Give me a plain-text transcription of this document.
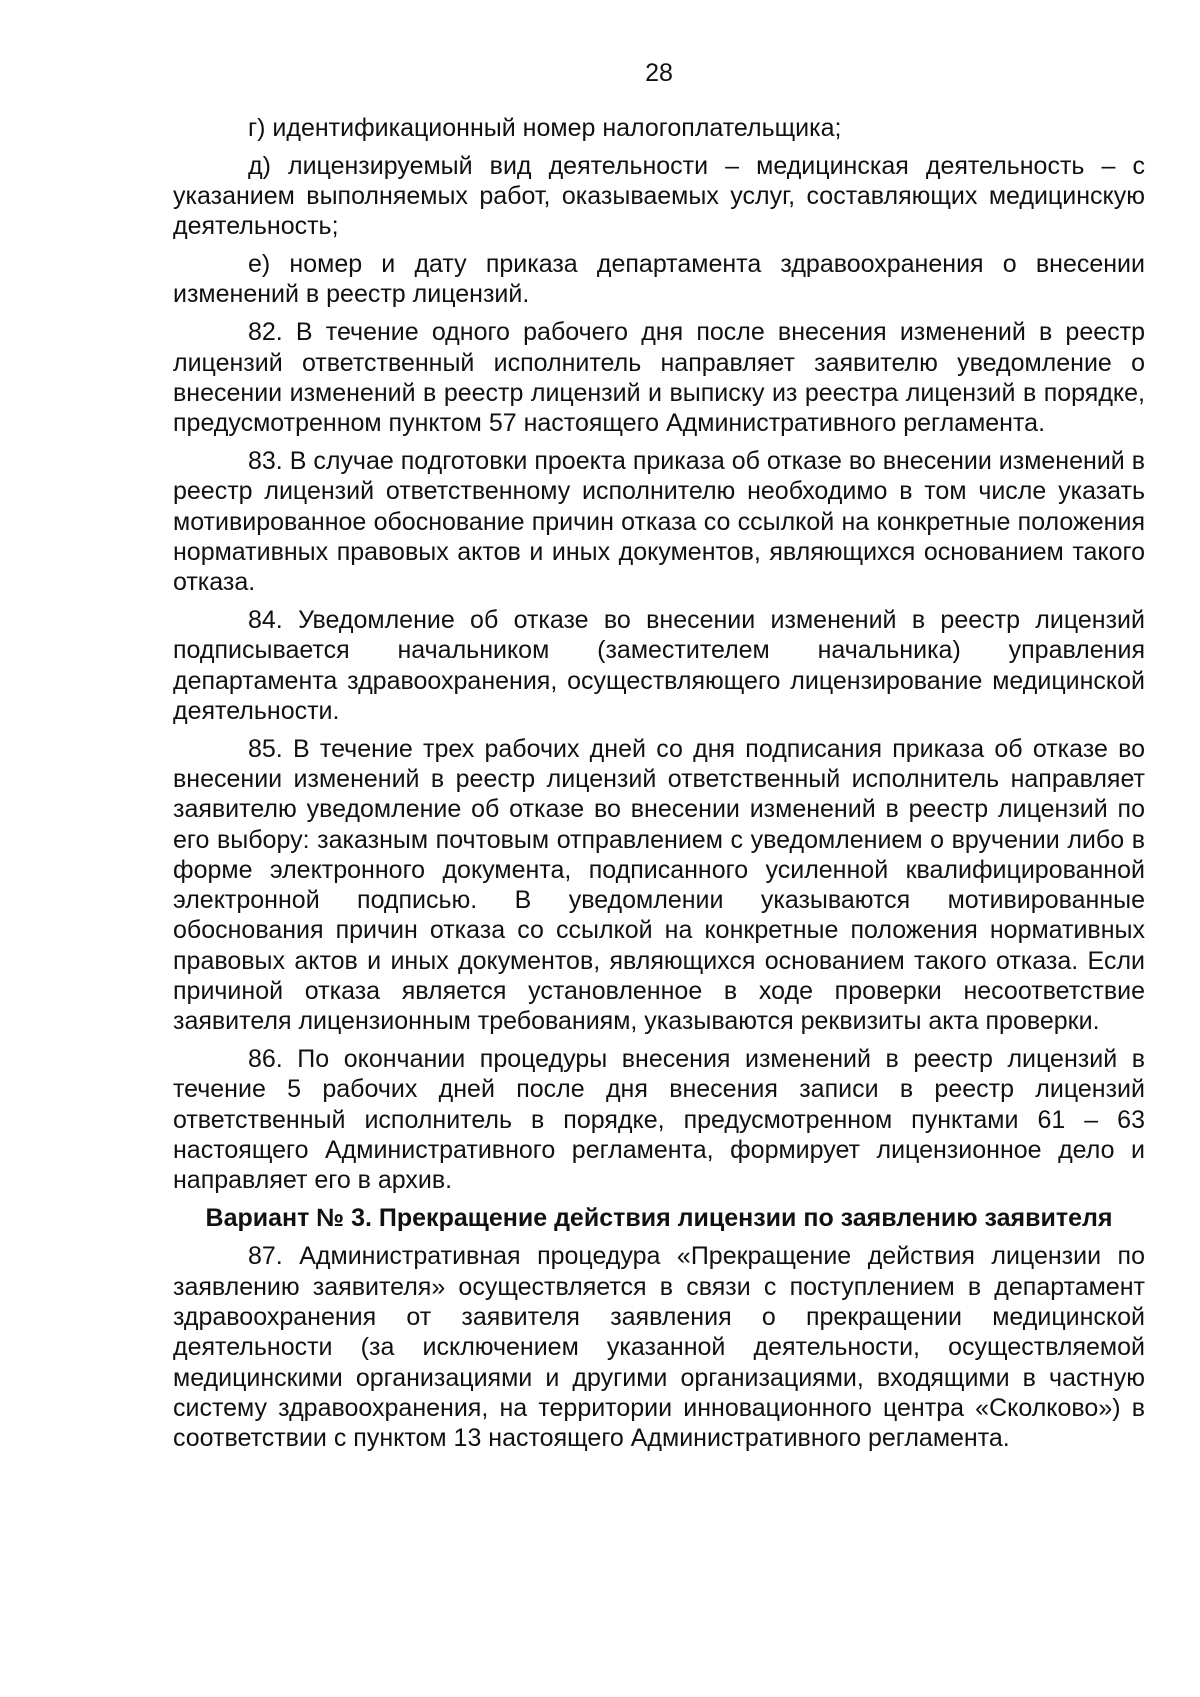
28

г) идентификационный номер налогоплательщика;

д) лицензируемый вид деятельности – медицинская деятельность – с указанием выполняемых работ, оказываемых услуг, составляющих медицинскую деятельность;

е) номер и дату приказа департамента здравоохранения о внесении изменений в реестр лицензий.

82. В течение одного рабочего дня после внесения изменений в реестр лицензий ответственный исполнитель направляет заявителю уведомление о внесении изменений в реестр лицензий и выписку из реестра лицензий в порядке, предусмотренном пунктом 57 настоящего Административного регламента.

83. В случае подготовки проекта приказа об отказе во внесении изменений в реестр лицензий ответственному исполнителю необходимо в том числе указать мотивированное обоснование причин отказа со ссылкой на конкретные положения нормативных правовых актов и иных документов, являющихся основанием такого отказа.

84. Уведомление об отказе во внесении изменений в реестр лицензий подписывается начальником (заместителем начальника) управления департамента здравоохранения, осуществляющего лицензирование медицинской деятельности.

85. В течение трех рабочих дней со дня подписания приказа об отказе во внесении изменений в реестр лицензий ответственный исполнитель направляет заявителю уведомление об отказе во внесении изменений в реестр лицензий по его выбору: заказным почтовым отправлением с уведомлением о вручении либо в форме электронного документа, подписанного усиленной квалифицированной электронной подписью. В уведомлении указываются мотивированные обоснования причин отказа со ссылкой на конкретные положения нормативных правовых актов и иных документов, являющихся основанием такого отказа. Если причиной отказа является установленное в ходе проверки несоответствие заявителя лицензионным требованиям, указываются реквизиты акта проверки.

86. По окончании процедуры внесения изменений в реестр лицензий в течение 5 рабочих дней после дня внесения записи в реестр лицензий ответственный исполнитель в порядке, предусмотренном пунктами 61 – 63 настоящего Административного регламента, формирует лицензионное дело и направляет его в архив.

Вариант № 3. Прекращение действия лицензии по заявлению заявителя

87. Административная процедура «Прекращение действия лицензии по заявлению заявителя» осуществляется в связи с поступлением в департамент здравоохранения от заявителя заявления о прекращении медицинской деятельности (за исключением указанной деятельности, осуществляемой медицинскими организациями и другими организациями, входящими в частную систему здравоохранения, на территории инновационного центра «Сколково») в соответствии с пунктом 13 настоящего Административного регламента.
